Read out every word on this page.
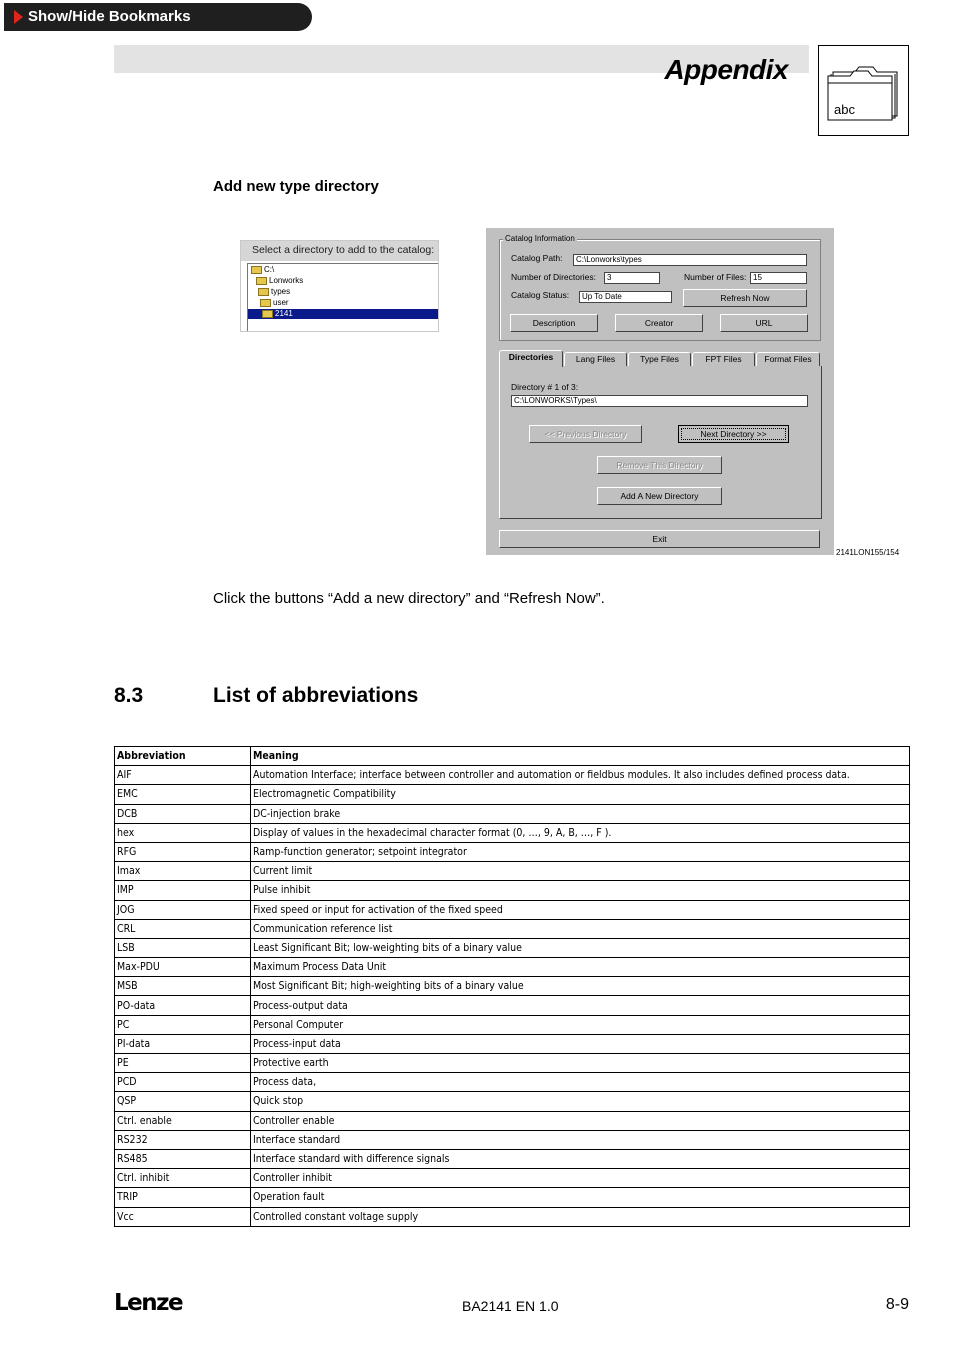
Show/Hide Bookmarks
Appendix
abc
Add new type directory
Select a directory to add to the catalog:
C:\
Lonworks
types
user
2141
Catalog Information
Catalog Path:	C:\Lonworks\types
Number of Directories:	3	Number of Files: 15
Catalog Status:	Up To Date	Refresh Now
Description	Creator	URL
Directories	Lang Files	Type Files	FPT Files	Format Files
Directory # 1 of 3:
C:\LONWORKS\Types\
<< Previous Directory	Next Directory >>
Remove This Directory
Add A New Directory
Exit
2141LON155/154
Click the buttons “Add a new directory” and “Refresh Now”.
8.3	List of abbreviations
Abbreviation	Meaning
AIF	Automation Interface; interface between controller and automation or fieldbus modules. It also includes defined process data.
EMC	Electromagnetic Compatibility
DCB	DC-injection brake
hex	Display of values in the hexadecimal character format (0, …, 9, A, B, …, F ).
RFG	Ramp-function generator; setpoint integrator
Imax	Current limit
IMP	Pulse inhibit
JOG	Fixed speed or input for activation of the fixed speed
CRL	Communication reference list
LSB	Least Significant Bit; low-weighting bits of a binary value
Max-PDU	Maximum Process Data Unit
MSB	Most Significant Bit; high-weighting bits of a binary value
PO-data	Process-output data
PC	Personal Computer
PI-data	Process-input data
PE	Protective earth
PCD	Process data,
QSP	Quick stop
Ctrl. enable	Controller enable
RS232	Interface standard
RS485	Interface standard with difference signals
Ctrl. inhibit	Controller inhibit
TRIP	Operation fault
Vcc	Controlled constant voltage supply
Lenze	BA2141 EN 1.0	8-9
